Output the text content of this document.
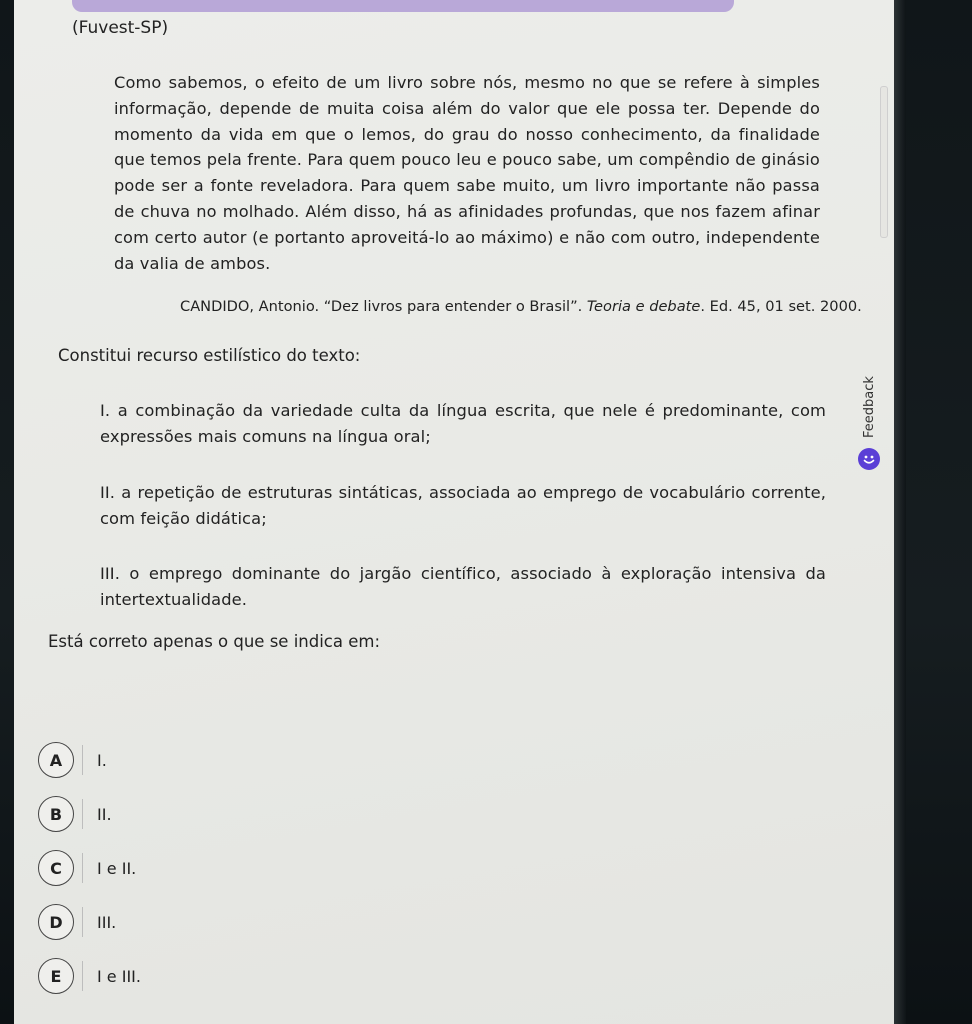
(Fuvest-SP)

Como sabemos, o efeito de um livro sobre nós, mesmo no que se refere à simples informação, depende de muita coisa além do valor que ele possa ter. Depende do momento da vida em que o lemos, do grau do nosso conhecimento, da finalidade que temos pela frente. Para quem pouco leu e pouco sabe, um compêndio de ginásio pode ser a fonte reveladora. Para quem sabe muito, um livro importante não passa de chuva no molhado. Além disso, há as afinidades profundas, que nos fazem afinar com certo autor (e portanto aproveitá-lo ao máximo) e não com outro, independente da valia de ambos.

CANDIDO, Antonio. “Dez livros para entender o Brasil”. Teoria e debate. Ed. 45, 01 set. 2000.
Constitui recurso estilístico do texto:

I. a combinação da variedade culta da língua escrita, que nele é predominante, com expressões mais comuns na língua oral;

II. a repetição de estruturas sintáticas, associada ao emprego de vocabulário corrente, com feição didática;

III. o emprego dominante do jargão científico, associado à exploração intensiva da intertextualidade.

Está correto apenas o que se indica em:
A	I.
B	II.
C	I e II.
D	III.
E	I e III.
Feedback
